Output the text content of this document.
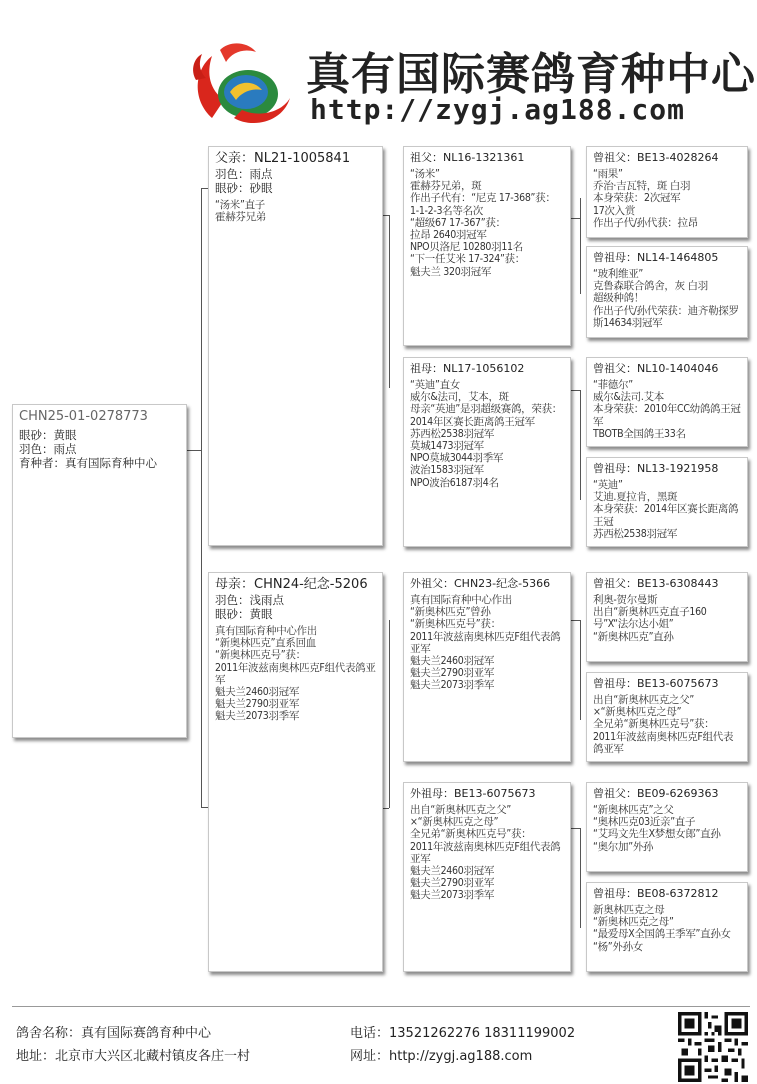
真有国际赛鸽育种中心
http://zygj.ag188.com
CHN25-01-0278773
眼砂：黄眼
羽色：雨点
育种者：真有国际育种中心
父亲：NL21-1005841
羽色：雨点
眼砂：砂眼
“汤米”直子
霍赫芬兄弟
母亲：CHN24-纪念-5206
羽色：浅雨点
眼砂：黄眼
真有国际育种中心作出
“新奥林匹克”直系回血
“新奥林匹克号”获：
2011年波兹南奥林匹克F组代表鸽亚军
魁夫兰2460羽冠军
魁夫兰2790羽亚军
魁夫兰2073羽季军
祖父：NL16-1321361
“汤米”
霍赫芬兄弟，斑
作出子代有：“尼克 17-368”获：
1-1-2-3名等名次
“超级67 17-367”获：
拉昂 2640羽冠军
NPO贝洛尼 10280羽11名
“下一任艾米 17-324”获：
魁夫兰 320羽冠军
祖母：NL17-1056102
“英迪”直女
威尔&法司，艾本，斑
母亲“英迪”是羽超级赛鸽，荣获：
2014年区赛长距离鸽王冠军
苏西松2538羽冠军
莫城1473羽冠军
NPO莫城3044羽季军
波治1583羽冠军
NPO波治6187羽4名
外祖父：CHN23-纪念-5366
真有国际育种中心作出
“新奥林匹克”曾孙
“新奥林匹克号”获：
2011年波兹南奥林匹克F组代表鸽亚军
魁夫兰2460羽冠军
魁夫兰2790羽亚军
魁夫兰2073羽季军
外祖母：BE13-6075673
出自“新奥林匹克之父”
×“新奥林匹克之母”
全兄弟“新奥林匹克号”获：
2011年波兹南奥林匹克F组代表鸽亚军
魁夫兰2460羽冠军
魁夫兰2790羽亚军
魁夫兰2073羽季军
曾祖父：BE13-4028264
“雨果”
乔治·吉瓦特，斑 白羽
本身荣获：2次冠军
17次入赏
作出子代/孙代获：拉昂
曾祖母：NL14-1464805
“玻利维亚”
克鲁森联合鸽舍，灰 白羽
超级种鸽！
作出子代/孙代荣获：迪齐勒探罗斯14634羽冠军
曾祖父：NL10-1404046
“菲德尔”
威尔&法司.艾本
本身荣获：2010年CC幼鸽鸽王冠军
TBOTB全国鸽王33名
曾祖母：NL13-1921958
“英迪”
艾迪.夏拉肯，黑斑
本身荣获：2014年区赛长距离鸽王冠
苏西松2538羽冠军
曾祖父：BE13-6308443
利奥-贺尔曼斯
出自“新奥林匹克直子160号”X“法尔达小姐”
“新奥林匹克”直孙
曾祖母：BE13-6075673
出自“新奥林匹克之父”
×“新奥林匹克之母”
全兄弟“新奥林匹克号”获：
2011年波兹南奥林匹克F组代表鸽亚军
曾祖父：BE09-6269363
“新奥林匹克”之父
“奥林匹克03近亲”直子
“艾玛文先生X梦想女郎”直孙
“奥尔加”外孙
曾祖母：BE08-6372812
新奥林匹克之母
“新奥林匹克之母”
“最爱母X全国鸽王季军”直孙女
“杨”外孙女
鸽舍名称：真有国际赛鸽育种中心
地址：北京市大兴区北藏村镇皮各庄一村
电话：13521262276 18311199002
网址：http://zygj.ag188.com
